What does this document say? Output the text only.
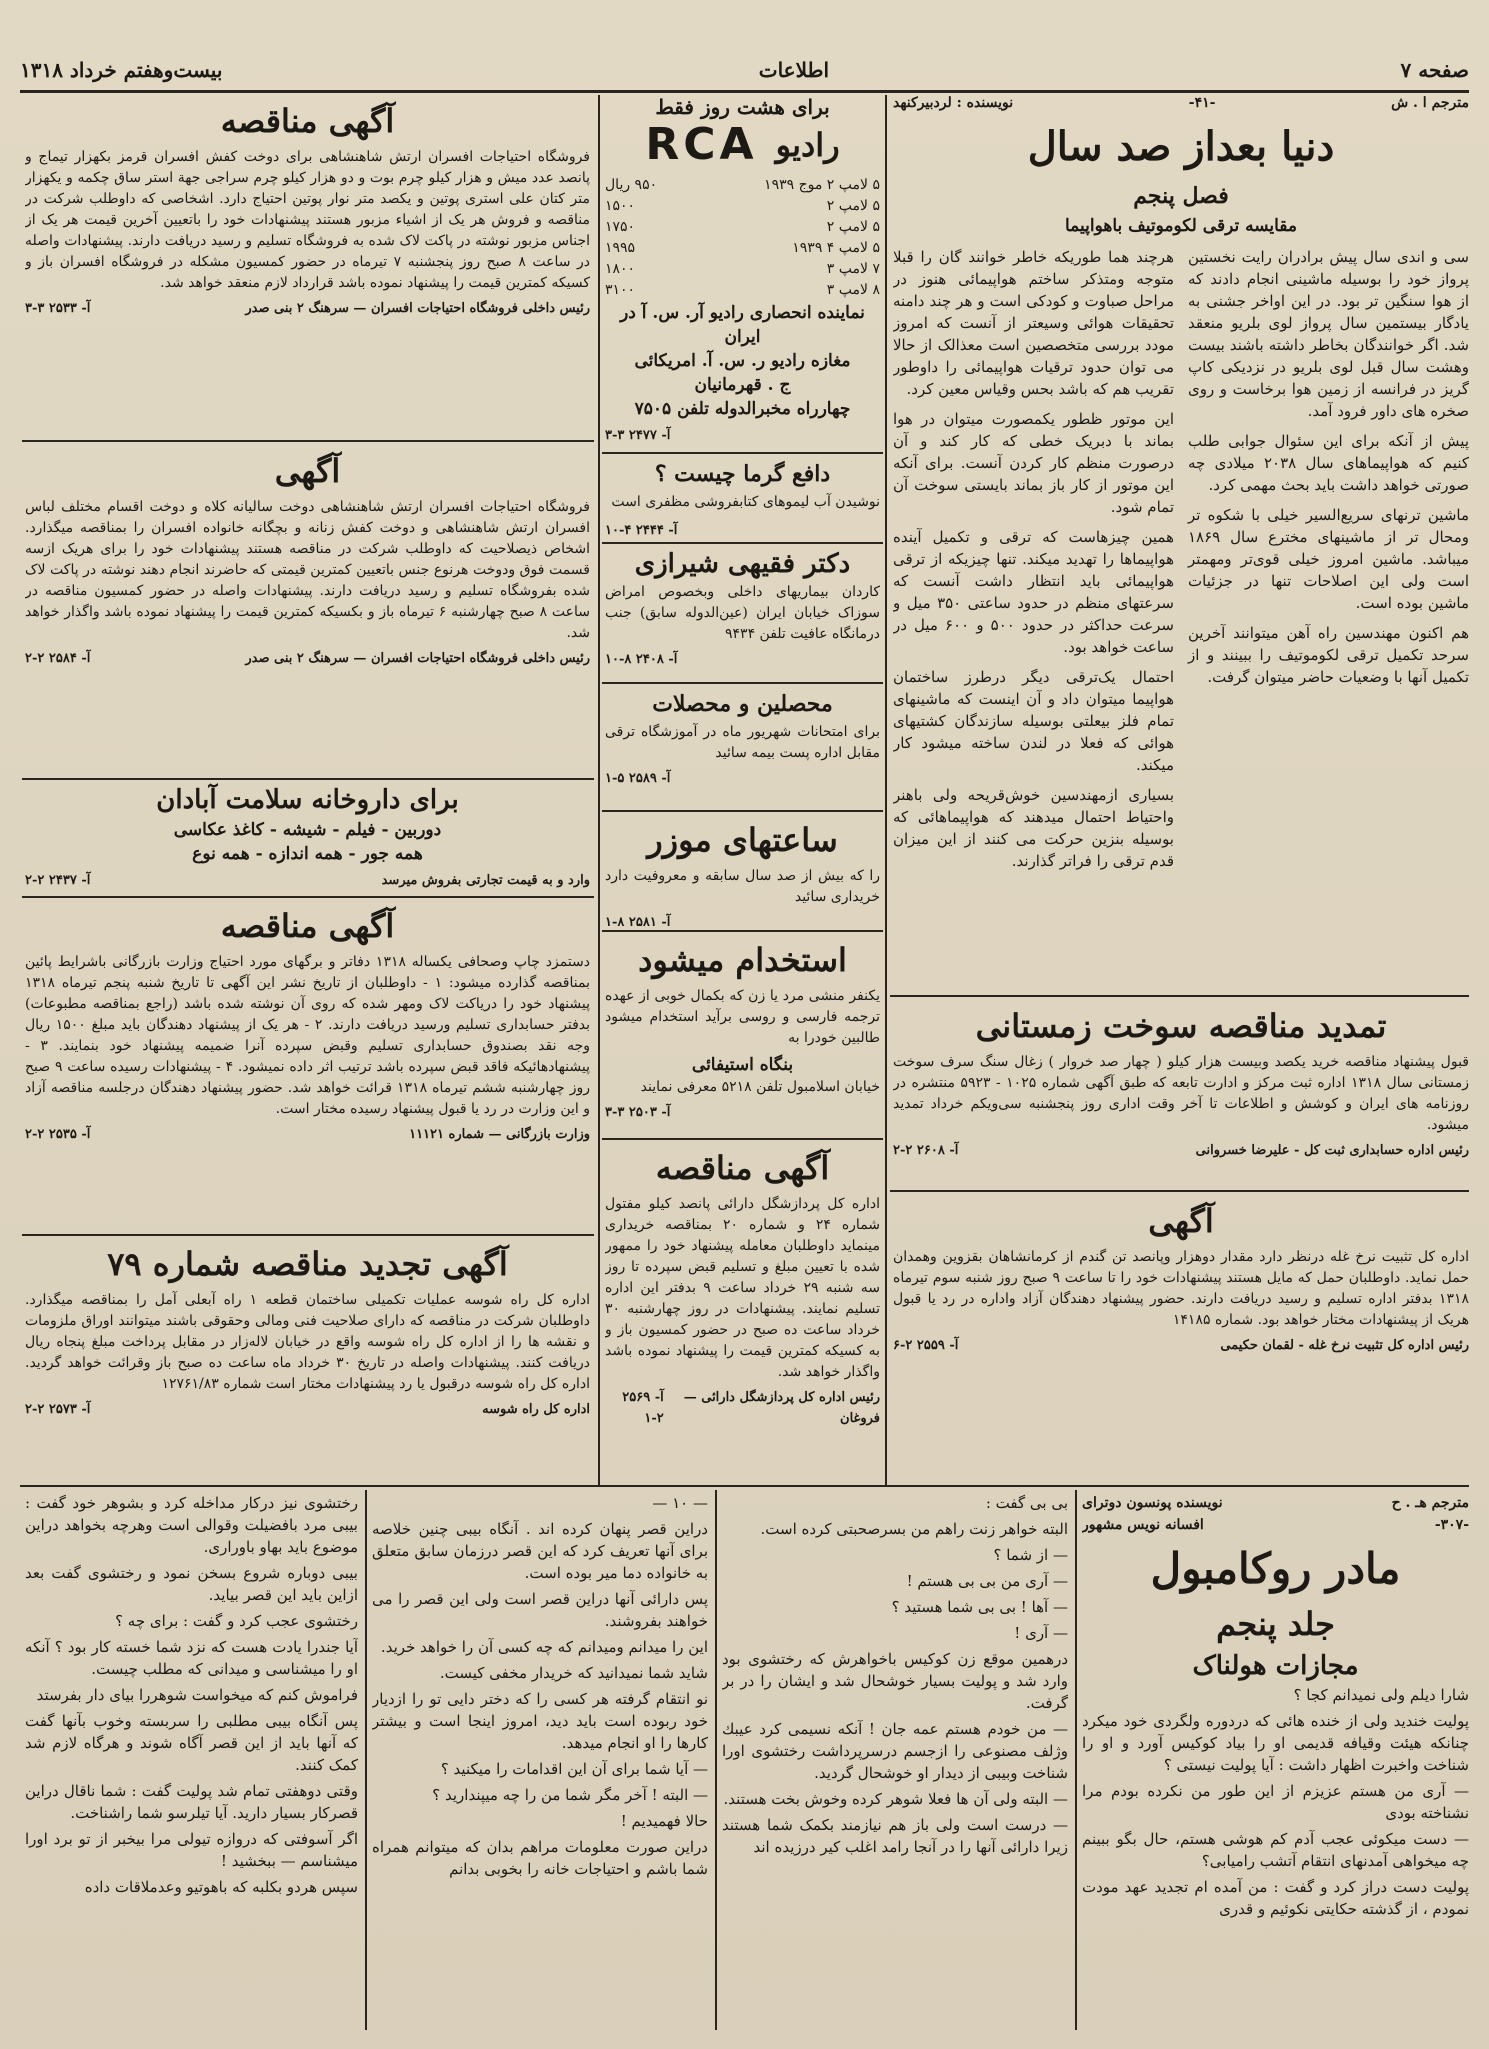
صفحه ۷
اطلاعات
بیست‌وهفتم خرداد ۱۳۱۸
مترجم ا . ش
-۴۱-
نویسنده : لردبیرکنهد
دنیا بعداز صد سال
فصل پنجم
مقایسه ترقی لکوموتیف باهواپیما

سی و اندی سال پیش برادران رایت نخستین پرواز خود را بوسیله ماشینی انجام دادند که از هوا سنگین تر بود. در این اواخر جشنی به یادگار بیستمین سال پرواز لوی بلریو منعقد شد. اگر خوانندگان بخاطر داشته باشند بیست وهشت سال قبل لوی بلریو در نزدیکی کاپ گریز در فرانسه از زمین هوا برخاست و روی صخره های داور فرود آمد.

پیش از آنکه برای این سئوال جوابی طلب کنیم که هواپیماهای سال ۲۰۳۸ میلادی چه صورتی خواهد داشت باید بحث مهمی کرد.

ماشین ترنهای سریع‌السیر خیلی با شکوه تر ومحال تر از ماشینهای مخترع سال ۱۸۶۹ میباشد. ماشین امروز خیلی قوی‌تر ومهمتر است ولی این اصلاحات تنها در جزئیات ماشین بوده است.

هم اکنون مهندسین راه آهن میتوانند آخرین سرحد تکمیل ترقی لکوموتیف را ببینند و از تکمیل آنها با وضعیات حاضر میتوان گرفت.

هرچند هما طوریکه خاطر خوانند گان را قبلا متوجه ومتذکر ساختم هواپیمائی هنوز در مراحل صباوت و کودکی است و هر چند دامنه تحقیقات هوائی وسیعتر از آنست که امروز مودد بررسی متخصصین است معذالک از حالا می توان حدود ترقیات هواپیمائی را داوطور تقریب هم که باشد بحس وقیاس معین کرد.

این موتور ظطور یکمصورت میتوان در هوا بماند با دبریک خطی که کار کند و آن درصورت منظم کار کردن آنست. برای آنکه این موتور از کار باز بماند بایستی سوخت آن تمام شود.

همین چیزهاست که ترقی و تکمیل آینده هواپیماها را تهدید میکند. تنها چیزیکه از ترقی هواپیمائی باید انتظار داشت آنست که سرعتهای منظم در حدود ساعتی ۳۵۰ میل و سرعت حداکثر در حدود ۵۰۰ و ۶۰۰ میل در ساعت خواهد بود.

احتمال یک‌ترقی دیگر درطرز ساختمان هواپیما میتوان داد و آن اینست که ماشینهای تمام فلز بیعلتی بوسیله سازندگان کشتیهای هوائی که فعلا در لندن ساخته میشود کار میکند.

بسیاری ازمهندسین خوش‌قریحه ولی باهنر واحتیاط احتمال میدهند که هواپیماهائی که بوسیله بنزین حرکت می کنند از این میزان قدم ترقی را فراتر گذارند.

تمدید مناقصه سوخت زمستانی

قبول پیشنهاد مناقصه خرید یکصد وبیست هزار کیلو ( چهار صد خروار ) زغال سنگ سرف سوخت زمستانی سال ۱۳۱۸ اداره ثبت مرکز و ادارت تابعه که طبق آگهی شماره ۱۰۲۵ - ۵۹۲۳ منتشره در روزنامه های ایران و کوشش و اطلاعات تا آخر وقت اداری روز پنجشنبه سی‌ویکم خرداد تمدید میشود.

رئیس اداره حسابداری ثبت کل - علیرضا خسروانی
آ- ۲۶۰۸ ۲-۲
آگهی

اداره کل تثبیت نرخ غله درنظر دارد مقدار دوهزار وپانصد تن گندم از کرمانشاهان بقزوین وهمدان حمل نماید. داوطلبان حمل که مایل هستند پیشنهادات خود را تا ساعت ۹ صبح روز شنبه سوم تیرماه ۱۳۱۸ بدفتر اداره تسلیم و رسید دریافت دارند. حضور پیشنهاد دهندگان آزاد واداره در رد یا قبول هریک از پیشنهادات مختار خواهد بود. شماره ۱۴۱۸۵

رئیس اداره کل تثبیت نرخ غله - لقمان حکیمی
آ- ۲۵۵۹ ۲-۶
برای هشت روز فقط
رادیو
RCA
۵ لامپ ۲ موج ۱۹۳۹
۹۵۰ ریال
۵ لامپ ۲
۱۵۰۰
۵ لامپ ۲
۱۷۵۰
۵ لامپ ۴ ۱۹۳۹
۱۹۹۵
۷ لامپ ۳
۱۸۰۰
۸ لامپ ۳
۳۱۰۰
نماینده انحصاری رادیو آر. س. آ در ایران
مغازه رادیو ر. س. آ. امریکائی
ج . قهرمانیان
چهارراه مخبرالدوله تلفن ۷۵۰۵
آ- ۲۴۷۷ ۳-۳
دافع گرما چیست ؟

نوشیدن آب لیموهای کتابفروشی مظفری است

آ- ۲۴۴۴ ۴-۱۰
دکتر فقیهی شیرازی

کاردان بیماریهای داخلی وبخصوص امراض سوزاک خیابان ایران (عین‌الدوله سابق) جنب درمانگاه عافیت تلفن ۹۴۳۴

آ- ۲۴۰۸ ۸-۱۰
محصلین و محصلات

برای امتحانات شهریور ماه در آموزشگاه ترقی مقابل اداره پست بیمه سائید

آ- ۲۵۸۹ ۵-۱
ساعتهای موزر

را که بیش از صد سال سابقه و معروفیت دارد خریداری سائید

آ- ۲۵۸۱ ۸-۱
استخدام میشود

یکنفر منشی مرد یا زن که بکمال خوبی از عهده ترجمه فارسی و روسی برآید استخدام میشود طالبین خودرا به

بنگاه استیفائی

خیابان اسلامبول تلفن ۵۲۱۸ معرفی نمایند

آ- ۲۵۰۳ ۳-۳
آگهی مناقصه

اداره کل پردازشگل دارائی پانصد کیلو مفتول شماره ۲۴ و شماره ۲۰ بمناقصه خریداری مینماید داوطلبان معامله پیشنهاد خود را ممهور شده با تعیین مبلغ و تسلیم قبض سپرده تا روز سه شنبه ۲۹ خرداد ساعت ۹ بدفتر این اداره تسلیم نمایند. پیشنهادات در روز چهارشنبه ۳۰ خرداد ساعت ده صبح در حضور کمسیون باز و به کسیکه کمترین قیمت را پیشنهاد نموده باشد واگذار خواهد شد.

رئیس اداره کل پردازشگل دارائی — فروغان
آ- ۲۵۶۹ ۲-۱
آگهی مناقصه

فروشگاه احتیاجات افسران ارتش شاهنشاهی برای دوخت کفش افسران قرمز بکهزار تیماج و پانصد عدد میش و هزار کیلو چرم بوت و دو هزار کیلو چرم سراجی جهة استر ساق چکمه و یکهزار متر کتان علی استری پوتین و یکصد متر نوار پوتین احتیاج دارد. اشخاصی که داوطلب شرکت در مناقصه و فروش هر یک از اشیاء مزبور هستند پیشنهادات خود را باتعیین آخرین قیمت هر یک از اجناس مزبور نوشته در پاکت لاک شده به فروشگاه تسلیم و رسید دریافت دارند. پیشنهادات واصله در ساعت ۸ صبح روز پنجشنبه ۷ تیرماه در حضور کمسیون مشکله در فروشگاه افسران باز و کسیکه کمترین قیمت را پیشنهاد نموده باشد قرارداد لازم منعقد خواهد شد.

رئیس داخلی فروشگاه احتیاجات افسران — سرهنگ ۲ بنی صدر
آ- ۲۵۳۳ ۳-۳
آگهی

فروشگاه احتیاجات افسران ارتش شاهنشاهی دوخت سالیانه کلاه و دوخت اقسام مختلف لباس افسران ارتش شاهنشاهی و دوخت کفش زنانه و بچگانه خانواده افسران را بمناقصه میگذارد. اشخاص ذیصلاحیت که داوطلب شرکت در مناقصه هستند پیشنهادات خود را برای هریک ازسه قسمت فوق ودوخت هرنوع جنس باتعیین کمترین قیمتی که حاضرند انجام دهند نوشته در پاکت لاک شده بفروشگاه تسلیم و رسید دریافت دارند. پیشنهادات واصله در حضور کمسیون مناقصه در ساعت ۸ صبح چهارشنبه ۶ تیرماه باز و بکسیکه کمترین قیمت را پیشنهاد نموده باشد واگذار خواهد شد.

رئیس داخلی فروشگاه احتیاجات افسران — سرهنگ ۲ بنی صدر
آ- ۲۵۸۴ ۲-۲
برای داروخانه سلامت آبادان
دوربین - فیلم - شیشه - کاغذ عکاسی
همه جور - همه اندازه - همه نوع
وارد و به قیمت تجارتی بفروش میرسد
آ- ۲۴۳۷ ۲-۲
آگهی مناقصه

دستمزد چاپ وصحافی یکساله ۱۳۱۸ دفاتر و برگهای مورد احتیاج وزارت بازرگانی باشرایط پائین بمناقصه گذارده میشود: ۱ - داوطلبان از تاریخ نشر این آگهی تا تاریخ شنبه پنجم تیرماه ۱۳۱۸ پیشنهاد خود را دریاکت لاک ومهر شده که روی آن نوشته شده باشد (راجع بمناقصه مطبوعات) بدفتر حسابداری تسلیم ورسید دریافت دارند. ۲ - هر یک از پیشنهاد دهندگان باید مبلغ ۱۵۰۰ ریال وجه نقد بصندوق حسابداری تسلیم وقبض سپرده آنرا ضمیمه پیشنهاد خود بنمایند. ۳ - پیشنهادهائیکه فاقد قبض سپرده باشد ترتیب اثر داده نمیشود. ۴ - پیشنهادات رسیده ساعت ۹ صبح روز چهارشنبه ششم تیرماه ۱۳۱۸ قرائت خواهد شد. حضور پیشنهاد دهندگان درجلسه مناقصه آزاد و این وزارت در رد یا قبول پیشنهاد رسیده مختار است.

وزارت بازرگانی — شماره ۱۱۱۲۱
آ- ۲۵۳۵ ۲-۲
آگهی تجدید مناقصه شماره ۷۹

اداره کل راه شوسه عملیات تکمیلی ساختمان قطعه ۱ راه آبعلی آمل را بمناقصه میگذارد. داوطلبان شرکت در مناقصه که دارای صلاحیت فنی ومالی وحقوقی باشند میتوانند اوراق ملزومات و نقشه ها را از اداره کل راه شوسه واقع در خیابان لاله‌زار در مقابل پرداخت مبلغ پنجاه ریال دریافت کنند. پیشنهادات واصله در تاریخ ۳۰ خرداد ماه ساعت ده صبح باز وقرائت خواهد گردید. اداره کل راه شوسه درقبول یا رد پیشنهادات مختار است شماره ۱۲۷۶۱/۸۳

اداره کل راه شوسه
آ- ۲۵۷۳ ۲-۲
مترجم هـ . ح
نویسنده پونسون دوترای
-۳۰۷-
افسانه نویس مشهور
مادر روکامبول
جلد پنجم
مجازات هولناک

شارا دیلم ولی نمیدانم کجا ؟

پولیت خندید ولی از خنده هائی که دردوره ولگردی خود میکرد چنانکه هیئت وقیافه قدیمی او را بیاد کوکیس آورد و او را شناخت واخبرت اظهار داشت : آیا پولیت نیستی ؟

— آری من هستم عزیزم از این طور من نکرده بودم مرا نشناخته بودی

— دست میکوئی عجب آدم کم هوشی هستم، حال بگو ببینم چه میخواهی آمدنهای انتقام آتشب رامیابی؟

پولیت دست دراز کرد و گفت : من آمده ام تجدید عهد مودت نمودم ، از گذشته حکایتی نکوئیم و قدری

بی بی گفت :

البته خواهر زنت راهم من بسرصحبتی کرده است.

— از شما ؟

— آری من بی بی هستم !

— آها ! بی بی شما هستید ؟

— آری !

درهمین موقع زن کوکیس باخواهرش که رختشوی بود وارد شد و پولیت بسیار خوشحال شد و ایشان را در بر گرفت.

— من خودم هستم عمه جان ! آنکه نسیمی کرد عیبك وژلف مصنوعی را ازجسم درسرپرداشت رختشوی اورا شناخت وبیبی از دیدار او خوشحال گردید.

— البته ولی آن ها فعلا شوهر کرده وخوش بخت هستند.

— درست است ولی باز هم نیازمند بکمک شما هستند زیرا دارائی آنها را در آنجا رامد اغلب کیر درزیده اند

— ۱۰ —

دراین قصر پنهان کرده اند . آنگاه بیبی چنین خلاصه برای آنها تعریف کرد که این قصر درزمان سابق متعلق به خانواده دما میر بوده است.

پس دارائی آنها دراین قصر است ولی این قصر را می خواهند بفروشند.

این را میدانم ومیدانم که چه کسی آن را خواهد خرید.

شاید شما نمیدانید که خریدار مخفی کیست.

نو انتقام گرفته هر کسی را که دختر دایی تو را ازدیار خود ربوده است باید دید، امروز اینجا است و بیشتر کارها را او انجام میدهد.

— آیا شما برای آن این اقدامات را میکنید ؟

— البته ! آخر مگر شما من را چه میپندارید ؟

حالا فهمیدیم !

دراین صورت معلومات مراهم بدان که میتوانم همراه شما باشم و احتیاجات خانه را بخوبی بدانم

رختشوی نیز درکار مداخله کرد و بشوهر خود گفت : بیبی مرد بافضیلت وقوالی است وهرچه بخواهد دراین موضوع باید بهاو باوراری.

بیبی دوباره شروع بسخن نمود و رختشوی گفت بعد ازاین باید این قصر بیاید.

رختشوی عجب کرد و گفت : برای چه ؟

آیا جندرا یادت هست که نزد شما خسته کار بود ؟ آنکه او را میشناسی و میدانی که مطلب چیست.

فراموش کنم که میخواست شوهررا بیای دار بفرستد

پس آنگاه بیبی مطلبی را سربسته وخوب بآنها گفت که آنها باید از این قصر آگاه شوند و هرگاه لازم شد کمک کنند.

وقتی دوهفتی تمام شد پولیت گفت : شما ناقال دراین قصرکار بسیار دارید. آیا تیلرسو شما راشناخت.

اگر آسوفتی که دروازه تیولی مرا بیخبر از تو برد اورا میشناسم — ببخشید !

سپس هردو بکلبه که باهوتیو وعدملاقات داده
